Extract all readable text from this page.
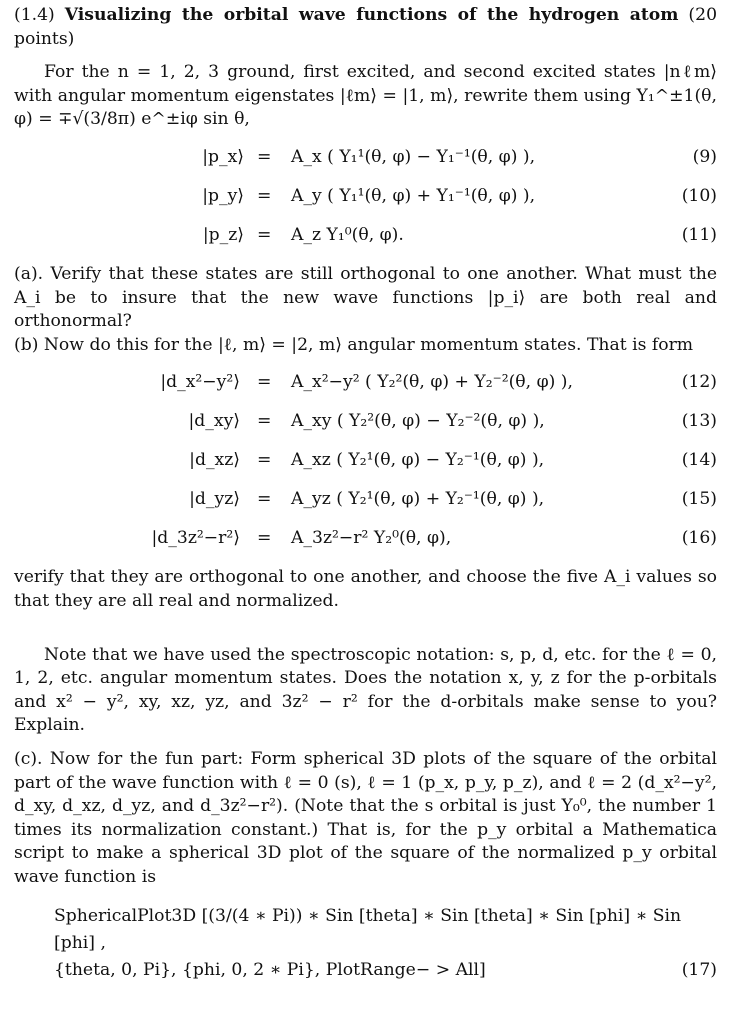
(1.4) Visualizing the orbital wave functions of the hydrogen atom (20 points)

For the n = 1, 2, 3 ground, first excited, and second excited states |nℓm⟩ with angular momentum eigenstates |ℓm⟩ = |1, m⟩, rewrite them using Y₁^±1(θ, φ) = ∓√(3/8π) e^±iφ sin θ,

|p_x⟩ = A_x ( Y₁¹(θ, φ) − Y₁⁻¹(θ, φ) ),	(9)
|p_y⟩ = A_y ( Y₁¹(θ, φ) + Y₁⁻¹(θ, φ) ),	(10)
|p_z⟩ = A_z Y₁⁰(θ, φ).	(11)

(a). Verify that these states are still orthogonal to one another. What must the A_i be to insure that the new wave functions |p_i⟩ are both real and orthonormal?

(b) Now do this for the |ℓ, m⟩ = |2, m⟩ angular momentum states. That is form

|d_x²−y²⟩ = A_x²−y² ( Y₂²(θ, φ) + Y₂⁻²(θ, φ) ),	(12)
|d_xy⟩ = A_xy ( Y₂²(θ, φ) − Y₂⁻²(θ, φ) ),	(13)
|d_xz⟩ = A_xz ( Y₂¹(θ, φ) − Y₂⁻¹(θ, φ) ),	(14)
|d_yz⟩ = A_yz ( Y₂¹(θ, φ) + Y₂⁻¹(θ, φ) ),	(15)
|d_3z²−r²⟩ = A_3z²−r² Y₂⁰(θ, φ),	(16)

verify that they are orthogonal to one another, and choose the five A_i values so that they are all real and normalized.

Note that we have used the spectroscopic notation: s, p, d, etc. for the ℓ = 0, 1, 2, etc. angular momentum states. Does the notation x, y, z for the p-orbitals and x² − y², xy, xz, yz, and 3z² − r² for the d-orbitals make sense to you? Explain.

(c). Now for the fun part: Form spherical 3D plots of the square of the orbital part of the wave function with ℓ = 0 (s), ℓ = 1 (p_x, p_y, p_z), and ℓ = 2 (d_x²−y², d_xy, d_xz, d_yz, and d_3z²−r²). (Note that the s orbital is just Y₀⁰, the number 1 times its normalization constant.) That is, for the p_y orbital a Mathematica script to make a spherical 3D plot of the square of the normalized p_y orbital wave function is

SphericalPlot3D [(3/(4 ∗ Pi)) ∗ Sin [theta] ∗ Sin [theta] ∗ Sin [phi] ∗ Sin [phi] ,
{theta, 0, Pi}, {phi, 0, 2 ∗ Pi}, PlotRange− > All]	(17)
